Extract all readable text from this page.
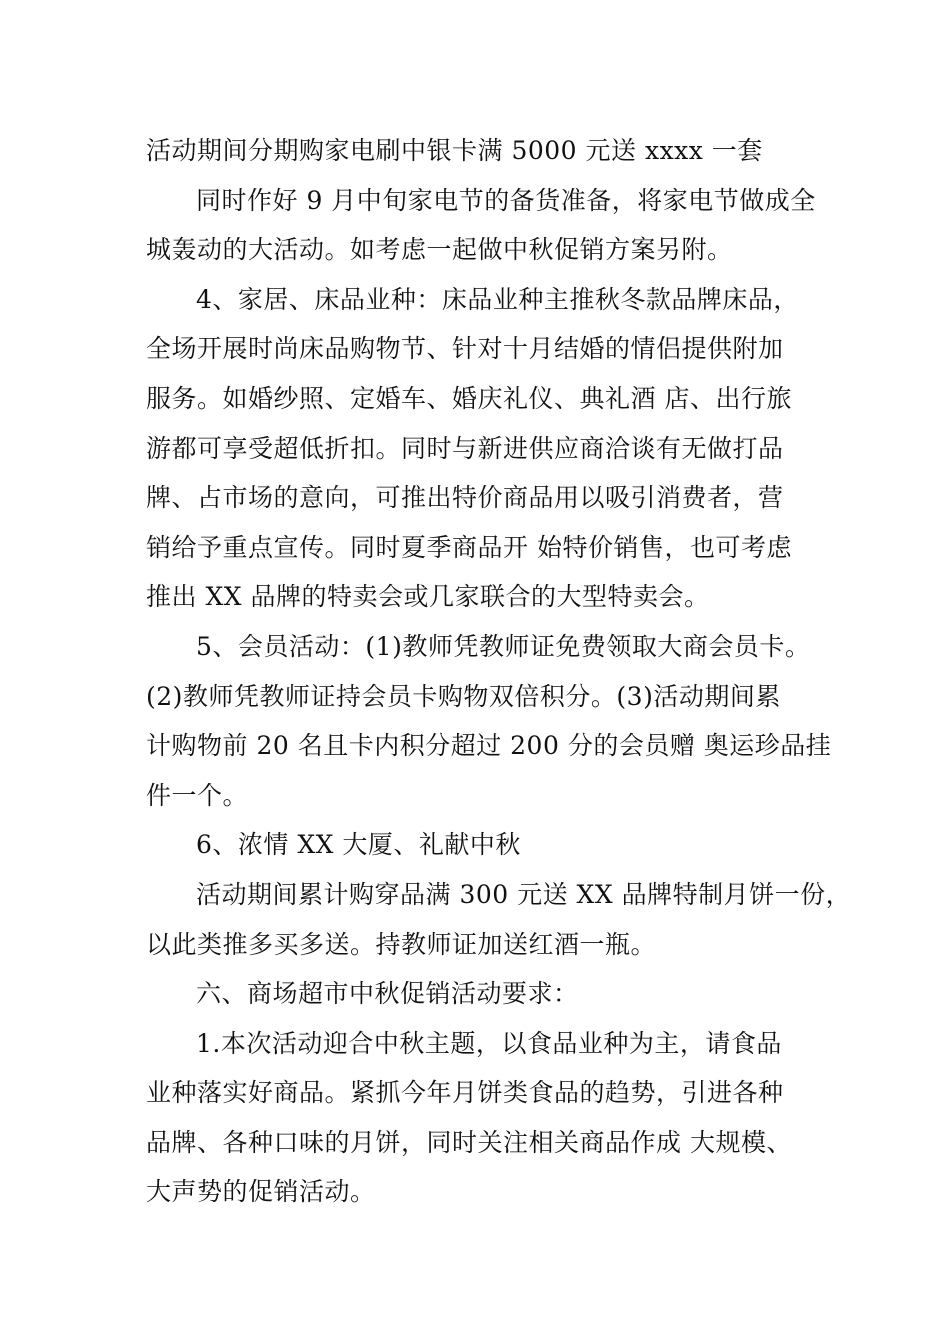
活动期间分期购家电刷中银卡满 5000 元送 xxxx 一套
同时作好 9 月中旬家电节的备货准备，将家电节做成全
城轰动的大活动。如考虑一起做中秋促销方案另附。
4、家居、床品业种：床品业种主推秋冬款品牌床品，
全场开展时尚床品购物节、针对十月结婚的情侣提供附加
服务。如婚纱照、定婚车、婚庆礼仪、典礼酒 店、出行旅
游都可享受超低折扣。同时与新进供应商洽谈有无做打品
牌、占市场的意向，可推出特价商品用以吸引消费者，营
销给予重点宣传。同时夏季商品开 始特价销售，也可考虑
推出 XX 品牌的特卖会或几家联合的大型特卖会。
5、会员活动：(1)教师凭教师证免费领取大商会员卡。
(2)教师凭教师证持会员卡购物双倍积分。(3)活动期间累
计购物前 20 名且卡内积分超过 200 分的会员赠 奥运珍品挂
件一个。
6、浓情 XX 大厦、礼献中秋
活动期间累计购穿品满 300 元送 XX 品牌特制月饼一份，
以此类推多买多送。持教师证加送红酒一瓶。
六、商场超市中秋促销活动要求：
1.本次活动迎合中秋主题，以食品业种为主，请食品
业种落实好商品。紧抓今年月饼类食品的趋势，引进各种
品牌、各种口味的月饼，同时关注相关商品作成 大规模、
大声势的促销活动。
